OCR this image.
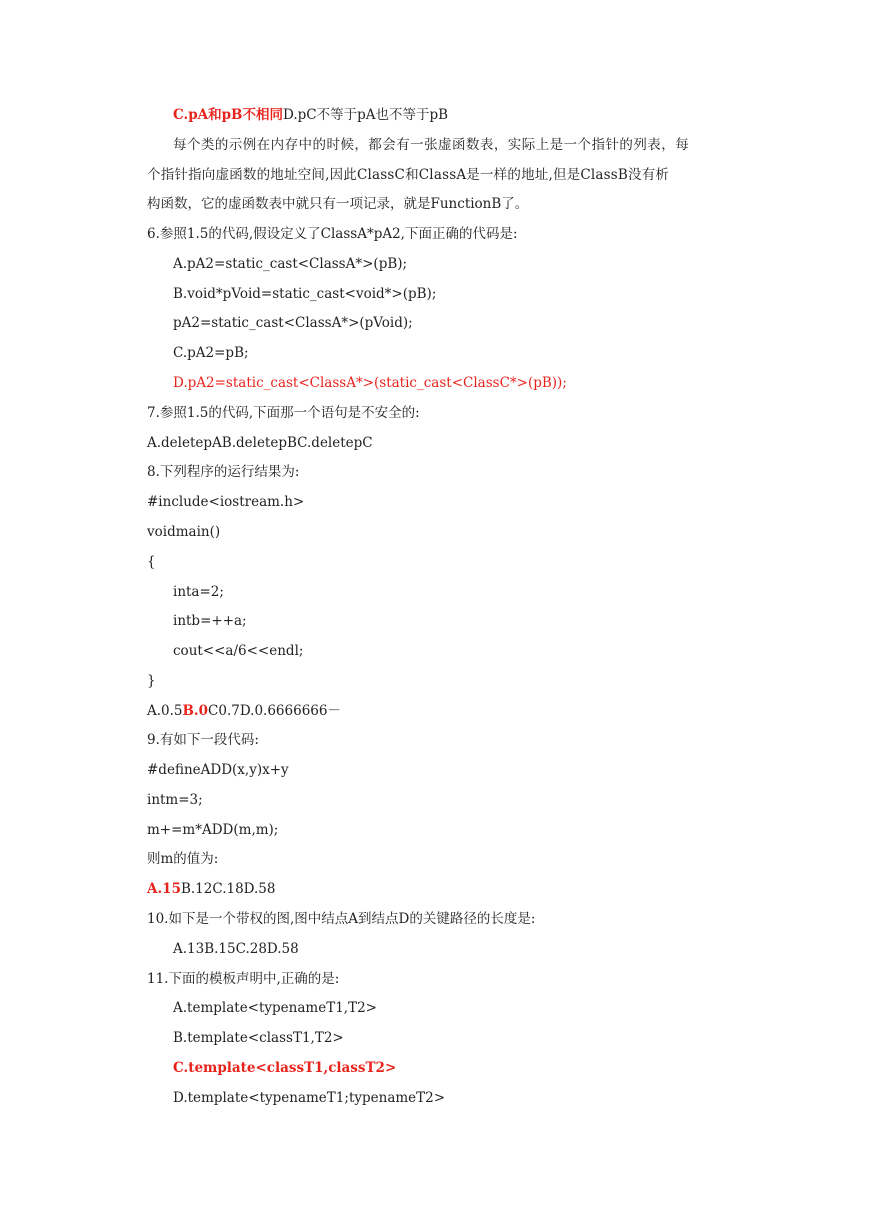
C.pA和pB不相同D.pC不等于pA也不等于pB
每个类的示例在内存中的时候，都会有一张虚函数表，实际上是一个指针的列表，每
个指针指向虚函数的地址空间,因此ClassC和ClassA是一样的地址,但是ClassB没有析
构函数，它的虚函数表中就只有一项记录，就是FunctionB了。
6.参照1.5的代码,假设定义了ClassA*pA2,下面正确的代码是:
A.pA2=static_cast<ClassA*>(pB);
B.void*pVoid=static_cast<void*>(pB);
pA2=static_cast<ClassA*>(pVoid);
C.pA2=pB;
D.pA2=static_cast<ClassA*>(static_cast<ClassC*>(pB));
7.参照1.5的代码,下面那一个语句是不安全的:
A.deletepAB.deletepBC.deletepC
8.下列程序的运行结果为:
#include<iostream.h>
voidmain()
{
inta=2;
intb=++a;
cout<<a/6<<endl;
}
A.0.5B.0C0.7D.0.6666666－
9.有如下一段代码:
#defineADD(x,y)x+y
intm=3;
m+=m*ADD(m,m);
则m的值为:
A.15B.12C.18D.58
10.如下是一个带权的图,图中结点A到结点D的关键路径的长度是:
A.13B.15C.28D.58
11.下面的模板声明中,正确的是:
A.template<typenameT1,T2>
B.template<classT1,T2>
C.template<classT1,classT2>
D.template<typenameT1;typenameT2>
